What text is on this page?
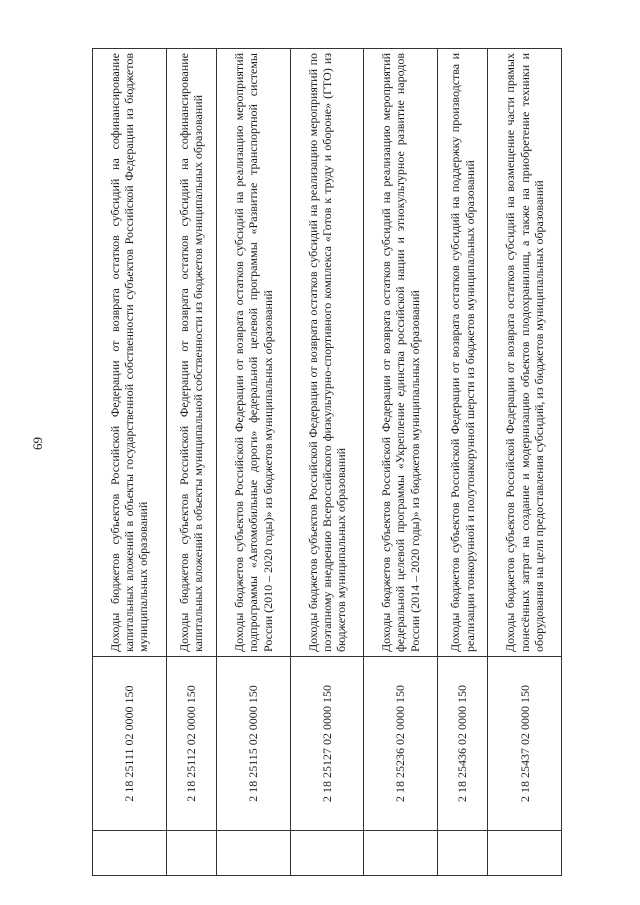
69
	2 18 25111 02 0000 150	Доходы бюджетов субъектов Российской Федерации от возврата остатков субсидий на софинансирование капитальных вложений в объекты государственной собственности субъектов Российской Федерации из бюджетов муниципальных образований
	2 18 25112 02 0000 150	Доходы бюджетов субъектов Российской Федерации от возврата остатков субсидий на софинансирование капитальных вложений в объекты муниципальной собственности из бюджетов муниципальных образований
	2 18 25115 02 0000 150	Доходы бюджетов субъектов Российской Федерации от возврата остатков субсидий на реализацию мероприятий подпрограммы «Автомобильные дороги» федеральной целевой программы «Развитие транспортной системы России (2010 – 2020 годы)» из бюджетов муниципальных образований
	2 18 25127 02 0000 150	Доходы бюджетов субъектов Российской Федерации от возврата остатков субсидий на реализацию мероприятий по поэтапному внедрению Всероссийского физкультурно-спортивного комплекса «Готов к труду и обороне» (ГТО) из бюджетов муниципальных образований
	2 18 25236 02 0000 150	Доходы бюджетов субъектов Российской Федерации от возврата остатков субсидий на реализацию мероприятий федеральной целевой программы «Укрепление единства российской нации и этнокультурное развитие народов России (2014 – 2020 годы)» из бюджетов муниципальных образований
	2 18 25436 02 0000 150	Доходы бюджетов субъектов Российской Федерации от возврата остатков субсидий на поддержку производства и реализации тонкорунной и полутонкорунной шерсти из бюджетов муниципальных образований
	2 18 25437 02 0000 150	Доходы бюджетов субъектов Российской Федерации от возврата остатков субсидий на возмещение части прямых понесённых затрат на создание и модернизацию объектов плодохранилищ, а также на приобретение техники и оборудования на цели предоставления субсидий, из бюджетов муниципальных образований
